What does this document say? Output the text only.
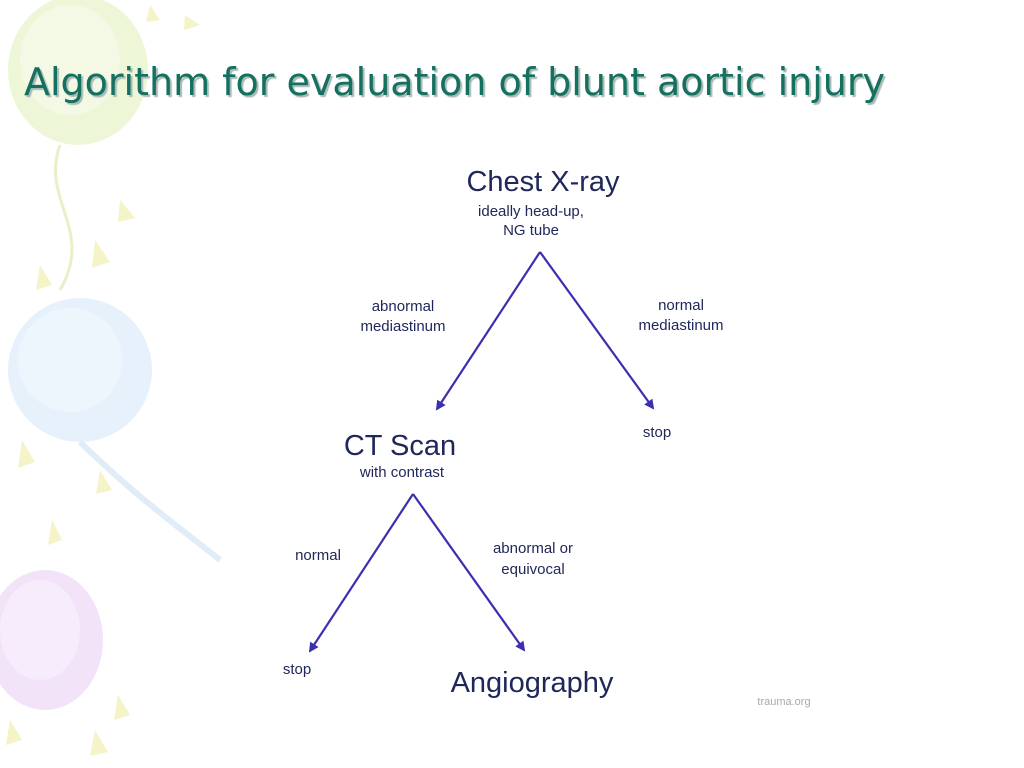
Algorithm for evaluation of blunt aortic injury
Chest X-ray
ideally head-up,
NG tube
abnormal
mediastinum
normal
mediastinum
stop
CT Scan
with contrast
normal	abnormal or
equivocal
stop	Angiography
trauma.org
